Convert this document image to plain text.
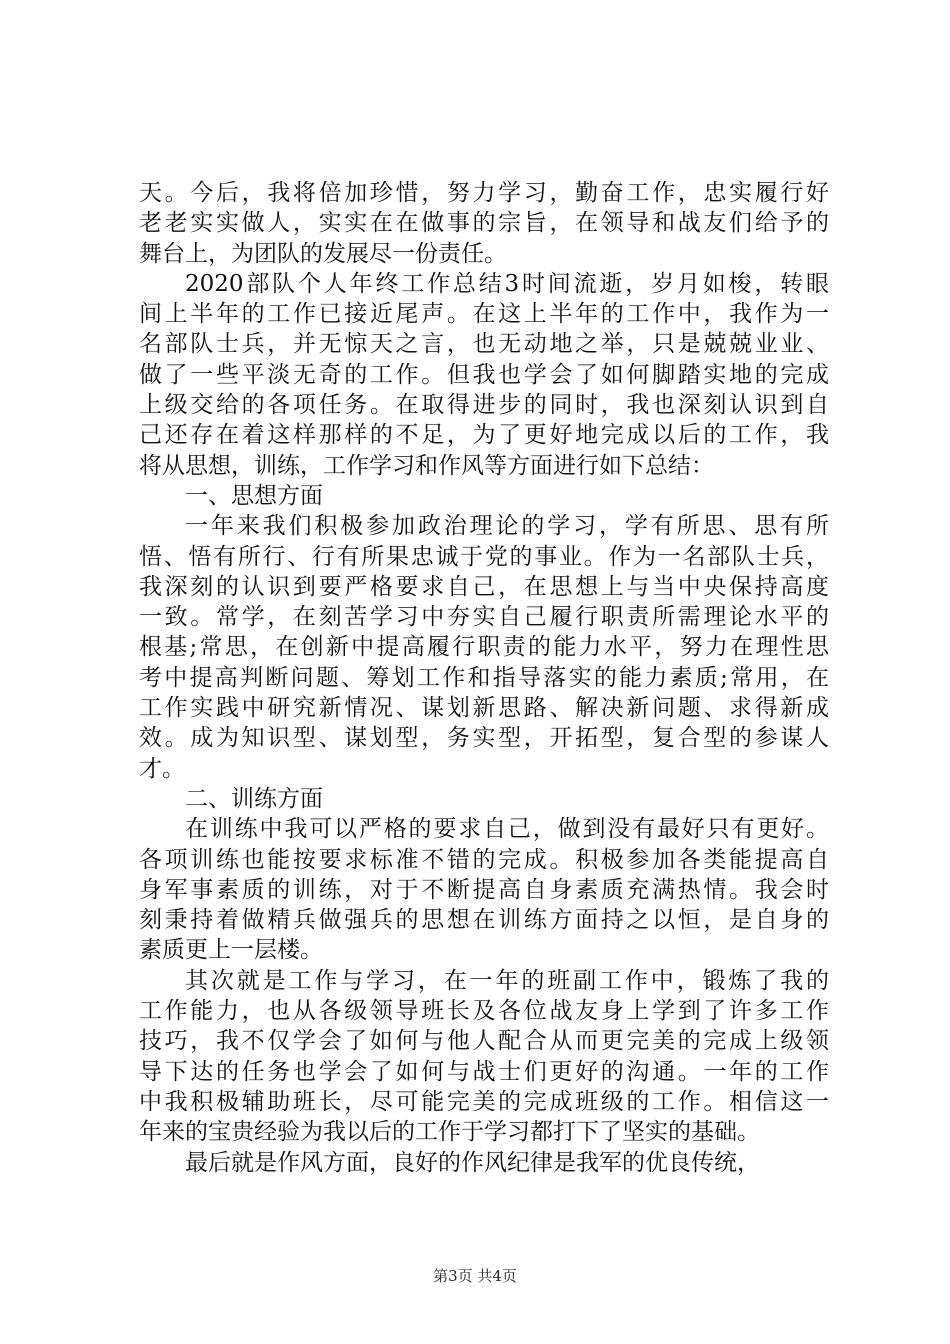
天。今后，我将倍加珍惜，努力学习，勤奋工作，忠实履行好
老老实实做人，实实在在做事的宗旨，在领导和战友们给予的
舞台上，为团队的发展尽一份责任。
2020部队个人年终工作总结3时间流逝，岁月如梭，转眼
间上半年的工作已接近尾声。在这上半年的工作中，我作为一
名部队士兵，并无惊天之言，也无动地之举，只是兢兢业业、
做了一些平淡无奇的工作。但我也学会了如何脚踏实地的完成
上级交给的各项任务。在取得进步的同时，我也深刻认识到自
己还存在着这样那样的不足，为了更好地完成以后的工作，我
将从思想，训练，工作学习和作风等方面进行如下总结：
一、思想方面
一年来我们积极参加政治理论的学习，学有所思、思有所
悟、悟有所行、行有所果忠诚于党的事业。作为一名部队士兵，
我深刻的认识到要严格要求自己，在思想上与当中央保持高度
一致。常学，在刻苦学习中夯实自己履行职责所需理论水平的
根基;常思，在创新中提高履行职责的能力水平，努力在理性思
考中提高判断问题、筹划工作和指导落实的能力素质;常用，在
工作实践中研究新情况、谋划新思路、解决新问题、求得新成
效。成为知识型、谋划型，务实型，开拓型，复合型的参谋人
才。
二、训练方面
在训练中我可以严格的要求自己，做到没有最好只有更好。
各项训练也能按要求标准不错的完成。积极参加各类能提高自
身军事素质的训练，对于不断提高自身素质充满热情。我会时
刻秉持着做精兵做强兵的思想在训练方面持之以恒，是自身的
素质更上一层楼。
其次就是工作与学习，在一年的班副工作中，锻炼了我的
工作能力，也从各级领导班长及各位战友身上学到了许多工作
技巧，我不仅学会了如何与他人配合从而更完美的完成上级领
导下达的任务也学会了如何与战士们更好的沟通。一年的工作
中我积极辅助班长，尽可能完美的完成班级的工作。相信这一
年来的宝贵经验为我以后的工作于学习都打下了坚实的基础。
最后就是作风方面，良好的作风纪律是我军的优良传统，
第3页 共4页
